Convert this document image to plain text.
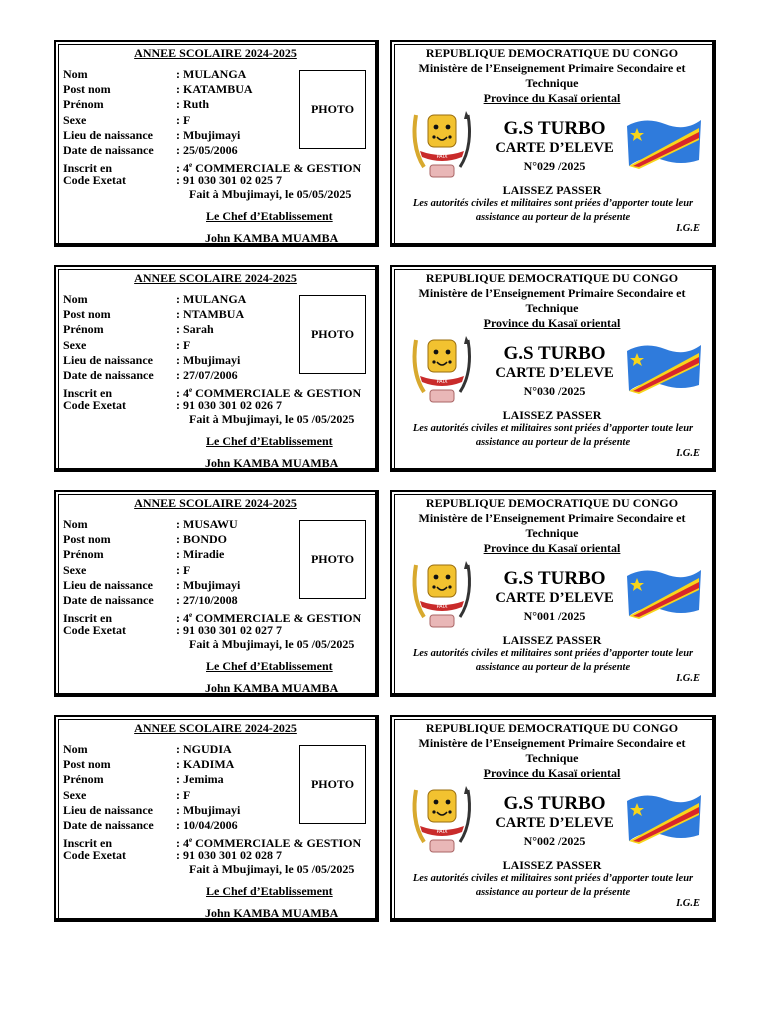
ANNEE SCOLAIRE 2024-2025
Nom	: MULANGA
Post nom	: KATAMBUA
Prénom	: Ruth
Sexe	: F
Lieu de naissance : Mbujimayi
Date de naissance : 25/05/2006
Inscrit en	: 4e COMMERCIALE & GESTION
Code Exetat	: 91 030 301 02 025 7
PHOTO
Fait à Mbujimayi, le 05/05/2025
Le Chef d’Etablissement
John KAMBA MUAMBA
REPUBLIQUE DEMOCRATIQUE DU CONGO
Ministère de l’Enseignement Primaire Secondaire et Technique
Province du Kasaï oriental
PAIX
G.S TURBO
CARTE D’ELEVE
N°029 /2025
LAISSEZ PASSER
Les autorités civiles et militaires sont priées d’apporter toute leur assistance au porteur de la présente
I.G.E
ANNEE SCOLAIRE 2024-2025
Nom	: MULANGA
Post nom	: NTAMBUA
Prénom	: Sarah
Sexe	: F
Lieu de naissance : Mbujimayi
Date de naissance : 27/07/2006
Inscrit en	: 4e COMMERCIALE & GESTION
Code Exetat	: 91 030 301 02 026 7
PHOTO
Fait à Mbujimayi, le 05 /05/2025
Le Chef d’Etablissement
John KAMBA MUAMBA
REPUBLIQUE DEMOCRATIQUE DU CONGO
Ministère de l’Enseignement Primaire Secondaire et Technique
Province du Kasaï oriental
PAIX
G.S TURBO
CARTE D’ELEVE
N°030 /2025
LAISSEZ PASSER
Les autorités civiles et militaires sont priées d’apporter toute leur assistance au porteur de la présente
I.G.E
ANNEE SCOLAIRE 2024-2025
Nom	: MUSAWU
Post nom	: BONDO
Prénom	: Miradie
Sexe	: F
Lieu de naissance : Mbujimayi
Date de naissance : 27/10/2008
Inscrit en	: 4e COMMERCIALE & GESTION
Code Exetat	: 91 030 301 02 027 7
PHOTO
Fait à Mbujimayi, le 05 /05/2025
Le Chef d’Etablissement
John KAMBA MUAMBA
REPUBLIQUE DEMOCRATIQUE DU CONGO
Ministère de l’Enseignement Primaire Secondaire et Technique
Province du Kasaï oriental
PAIX
G.S TURBO
CARTE D’ELEVE
N°001 /2025
LAISSEZ PASSER
Les autorités civiles et militaires sont priées d’apporter toute leur assistance au porteur de la présente
I.G.E
ANNEE SCOLAIRE 2024-2025
Nom	: NGUDIA
Post nom	: KADIMA
Prénom	: Jemima
Sexe	: F
Lieu de naissance : Mbujimayi
Date de naissance : 10/04/2006
Inscrit en	: 4e COMMERCIALE & GESTION
Code Exetat	: 91 030 301 02 028 7
PHOTO
Fait à Mbujimayi, le 05 /05/2025
Le Chef d’Etablissement
John KAMBA MUAMBA
REPUBLIQUE DEMOCRATIQUE DU CONGO
Ministère de l’Enseignement Primaire Secondaire et Technique
Province du Kasaï oriental
PAIX
G.S TURBO
CARTE D’ELEVE
N°002 /2025
LAISSEZ PASSER
Les autorités civiles et militaires sont priées d’apporter toute leur assistance au porteur de la présente
I.G.E
